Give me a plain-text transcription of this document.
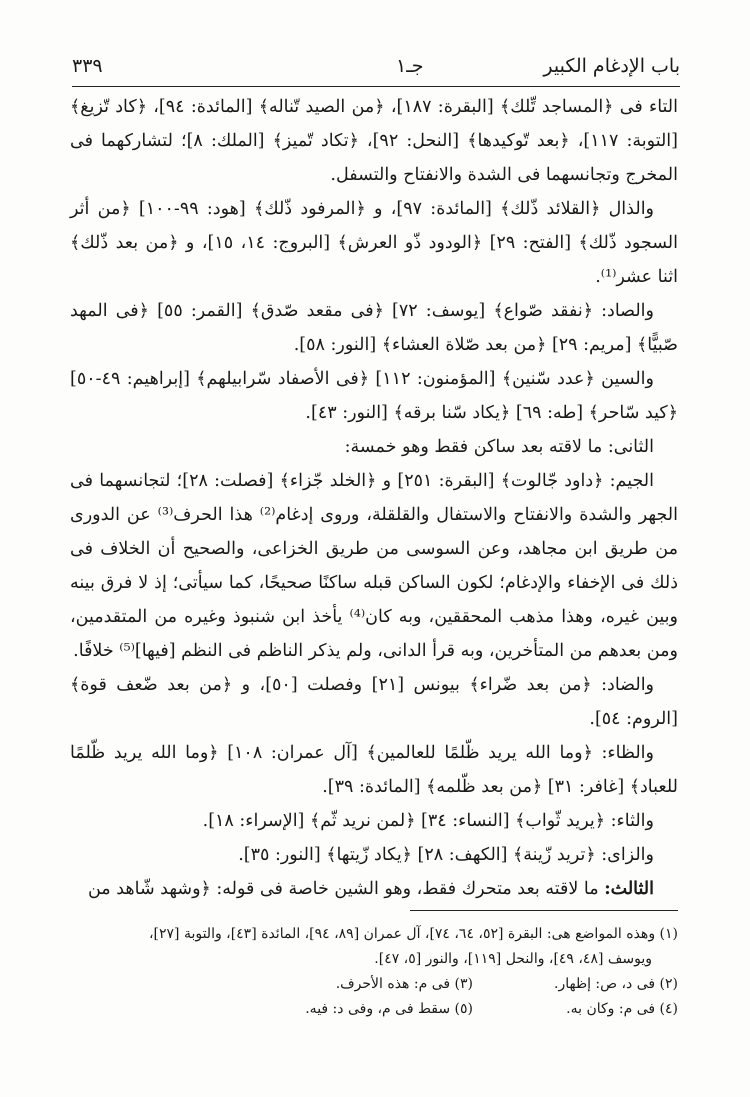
باب الإدغام الكبير
جـ١
٣٣٩

التاء فى ﴿المساجد تِّلك﴾ [البقرة: ١٨٧]، ﴿من الصيد تّناله﴾ [المائدة: ٩٤]، ﴿كاد تّزيغ﴾ [التوبة: ١١٧]، ﴿بعد تّوكيدها﴾ [النحل: ٩٢]، ﴿تكاد تّميز﴾ [الملك: ٨]؛ لتشاركهما فى المخرج وتجانسهما فى الشدة والانفتاح والتسفل.

والذال ﴿القلائد ذّلك﴾ [المائدة: ٩٧]، و ﴿المرفود ذّلك﴾ [هود: ٩٩-١٠٠] ﴿من أثر السجود ذّلك﴾ [الفتح: ٢٩] ﴿الودود ذّو العرش﴾ [البروج: ١٤، ١٥]، و ﴿من بعد ذّلك﴾ اثنا عشر⁽¹⁾.

والصاد: ﴿نفقد صّواع﴾ [يوسف: ٧٢] ﴿فى مقعد صّدق﴾ [القمر: ٥٥] ﴿فى المهد صّبيًّا﴾ [مريم: ٢٩] ﴿من بعد صّلاة العشاء﴾ [النور: ٥٨].

والسين ﴿عدد سّنين﴾ [المؤمنون: ١١٢] ﴿فى الأصفاد سّرابيلهم﴾ [إبراهيم: ٤٩-٥٠] ﴿كيد سّاحر﴾ [طه: ٦٩] ﴿يكاد سّنا برقه﴾ [النور: ٤٣].

الثانى: ما لاقته بعد ساكن فقط وهو خمسة:

الجيم: ﴿داود جّالوت﴾ [البقرة: ٢٥١] و ﴿الخلد جّزاء﴾ [فصلت: ٢٨]؛ لتجانسهما فى الجهر والشدة والانفتاح والاستفال والقلقلة، وروى إدغام⁽²⁾ هذا الحرف⁽³⁾ عن الدورى من طريق ابن مجاهد، وعن السوسى من طريق الخزاعى، والصحيح أن الخلاف فى ذلك فى الإخفاء والإدغام؛ لكون الساكن قبله ساكنًا صحيحًا، كما سيأتى؛ إذ لا فرق بينه وبين غيره، وهذا مذهب المحققين، وبه كان⁽⁴⁾ يأخذ ابن شنبوذ وغيره من المتقدمين، ومن بعدهم من المتأخرين، وبه قرأ الدانى، ولم يذكر الناظم فى النظم [فيها]⁽⁵⁾ خلافًا.

والضاد: ﴿من بعد ضّراء﴾ بيونس [٢١] وفصلت [٥٠]، و ﴿من بعد ضّعف قوة﴾ [الروم: ٥٤].

والظاء: ﴿وما الله يريد ظّلمًا للعالمين﴾ [آل عمران: ١٠٨] ﴿وما الله يريد ظّلمًا للعباد﴾ [غافر: ٣١] ﴿من بعد ظّلمه﴾ [المائدة: ٣٩].

والثاء: ﴿يريد ثّواب﴾ [النساء: ٣٤] ﴿لمن نريد ثّم﴾ [الإسراء: ١٨].

والزاى: ﴿تريد زّينة﴾ [الكهف: ٢٨] ﴿يكاد زّيتها﴾ [النور: ٣٥].

الثالث: ما لاقته بعد متحرك فقط، وهو الشين خاصة فى قوله: ﴿وشهد شّاهد من

(١) وهذه المواضع هى: البقرة [٥٢، ٦٤، ٧٤]، آل عمران [٨٩، ٩٤]، المائدة [٤٣]، والتوبة [٢٧]،

ويوسف [٤٨، ٤٩]، والنحل [١١٩]، والنور [٥، ٤٧].

(٢) فى د، ص: إظهار.
(٣) فى م: هذه الأحرف.
(٤) فى م: وكان به.
(٥) سقط فى م، وفى د: فيه.
